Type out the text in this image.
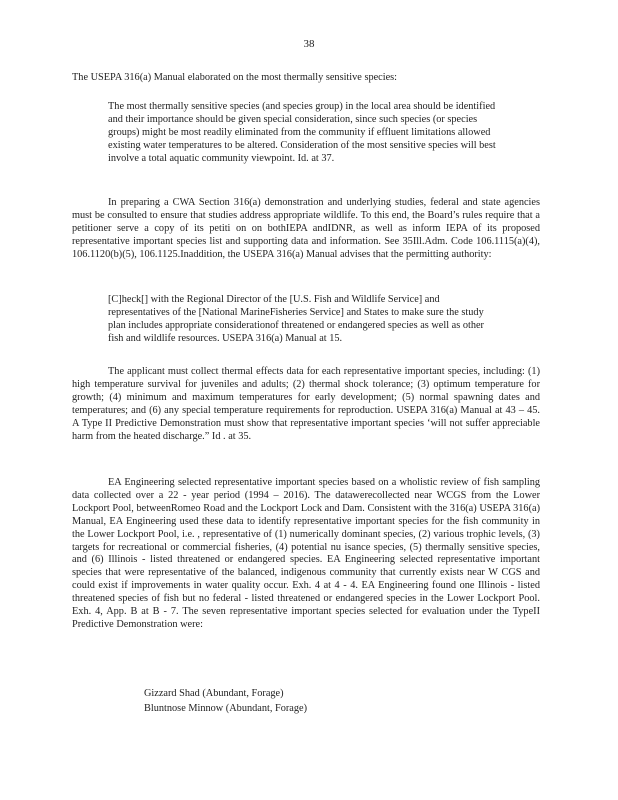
38

The USEPA 316(a) Manual elaborated on the most thermally sensitive species:

The most thermally sensitive species (and species group) in the local area should be identified and their importance should be given special consideration, since such species (or species groups) might be most readily eliminated from the community if effluent limitations allowed existing water temperatures to be altered. Consideration of the most sensitive species will best involve a total aquatic community viewpoint. Id. at 37.

In preparing a CWA Section 316(a) demonstration and underlying studies, federal and state agencies must be consulted to ensure that studies address appropriate wildlife. To this end, the Board’s rules require that a petitioner serve a copy of its petiti on on bothIEPA andIDNR, as well as inform IEPA of its proposed representative important species list and supporting data and information. See 35Ill.Adm. Code 106.1115(a)(4), 106.1120(b)(5), 106.1125.Inaddition, the USEPA 316(a) Manual advises that the permitting authority:

[C]heck[] with the Regional Director of the [U.S. Fish and Wildlife Service] and representatives of the [National MarineFisheries Service] and States to make sure the study plan includes appropriate considerationof threatened or endangered species as well as other fish and wildlife resources. USEPA 316(a) Manual at 15.

The applicant must collect thermal effects data for each representative important species, including: (1) high temperature survival for juveniles and adults; (2) thermal shock tolerance; (3) optimum temperature for growth; (4) minimum and maximum temperatures for early development; (5) normal spawning dates and temperatures; and (6) any special temperature requirements for reproduction. USEPA 316(a) Manual at 43 – 45. A Type II Predictive Demonstration must show that representative important species ‘will not suffer appreciable harm from the heated discharge.” Id . at 35.

EA Engineering selected representative important species based on a wholistic review of fish sampling data collected over a 22 - year period (1994 – 2016). The datawerecollected near WCGS from the Lower Lockport Pool, betweenRomeo Road and the Lockport Lock and Dam. Consistent with the 316(a) USEPA 316(a) Manual, EA Engineering used these data to identify representative important species for the fish community in the Lower Lockport Pool, i.e. , representative of (1) numerically dominant species, (2) various trophic levels, (3) targets for recreational or commercial fisheries, (4) potential nu isance species, (5) thermally sensitive species, and (6) Illinois - listed threatened or endangered species. EA Engineering selected representative important species that were representative of the balanced, indigenous community that currently exists near W CGS and could exist if improvements in water quality occur. Exh. 4 at 4 - 4. EA Engineering found one Illinois - listed threatened species of fish but no federal - listed threatened or endangered species in the Lower Lockport Pool. Exh. 4, App. B at B - 7. The seven representative important species selected for evaluation under the TypeII Predictive Demonstration were:

Gizzard Shad (Abundant, Forage)
Bluntnose Minnow (Abundant, Forage)
